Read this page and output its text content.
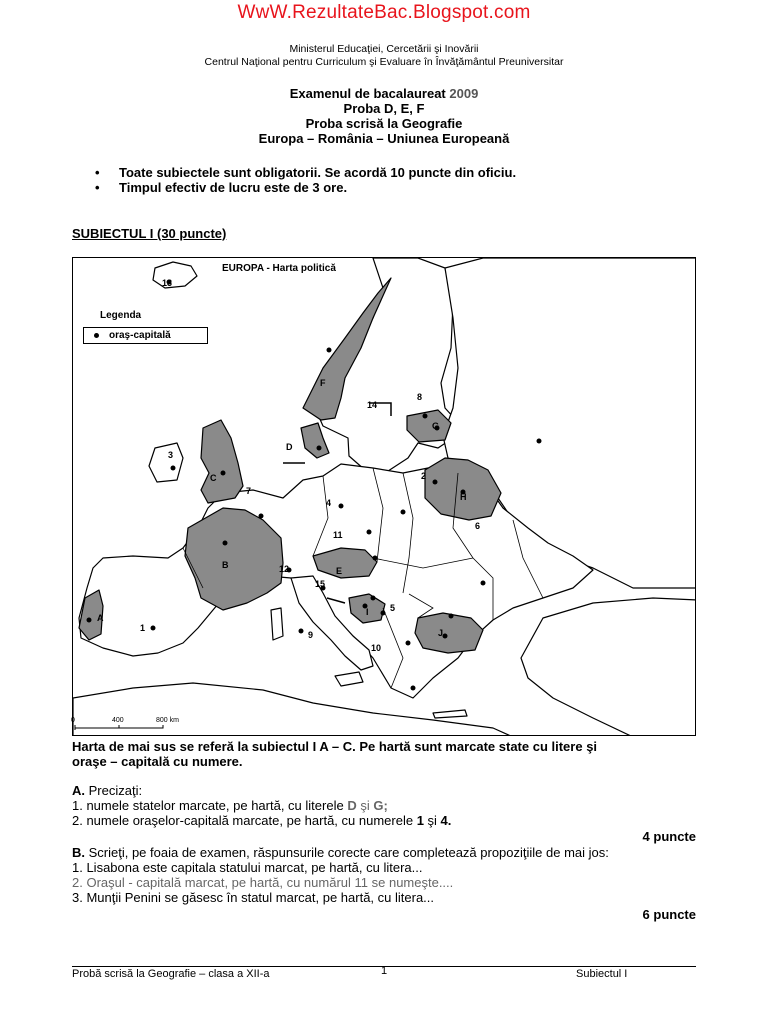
WwW.RezultateBac.Blogspot.com
Ministerul Educaţiei, Cercetării şi Inovării
Centrul Naţional pentru Curriculum şi Evaluare în Învăţământul Preuniversitar
Examenul de bacalaureat 2009
Proba D, E, F
Proba scrisă la Geografie
Europa – România – Uniunea Europeană
• Toate subiectele sunt obligatorii. Se acordă 10 puncte din oficiu.
• Timpul efectiv de lucru este de 3 ore.
SUBIECTUL I (30 puncte)
A
B
C
D
E
F
G
H
I
J
1
2
3
4
5
6
7
8
9
10
11
12
13
14
15
EUROPA - Harta politică
Legenda
oraş-capitală
0	400	800 km
Harta de mai sus se referă la subiectul I A – C. Pe hartă sunt marcate state cu litere şi
oraşe – capitală cu numere.
A. Precizaţi:
1. numele statelor marcate, pe hartă, cu literele D şi G;
2. numele oraşelor-capitală marcate, pe hartă, cu numerele 1 şi 4.
4 puncte
B. Scrieţi, pe foaia de examen, răspunsurile corecte care completează propoziţiile de mai jos:
1. Lisabona este capitala statului marcat, pe hartă, cu litera...
2. Oraşul - capitală marcat, pe hartă, cu numărul 11 se numeşte....
3. Munţii Penini se găsesc în statul marcat, pe hartă, cu litera...
6 puncte
Probă scrisă la Geografie – clasa a XII-a	1	Subiectul I
